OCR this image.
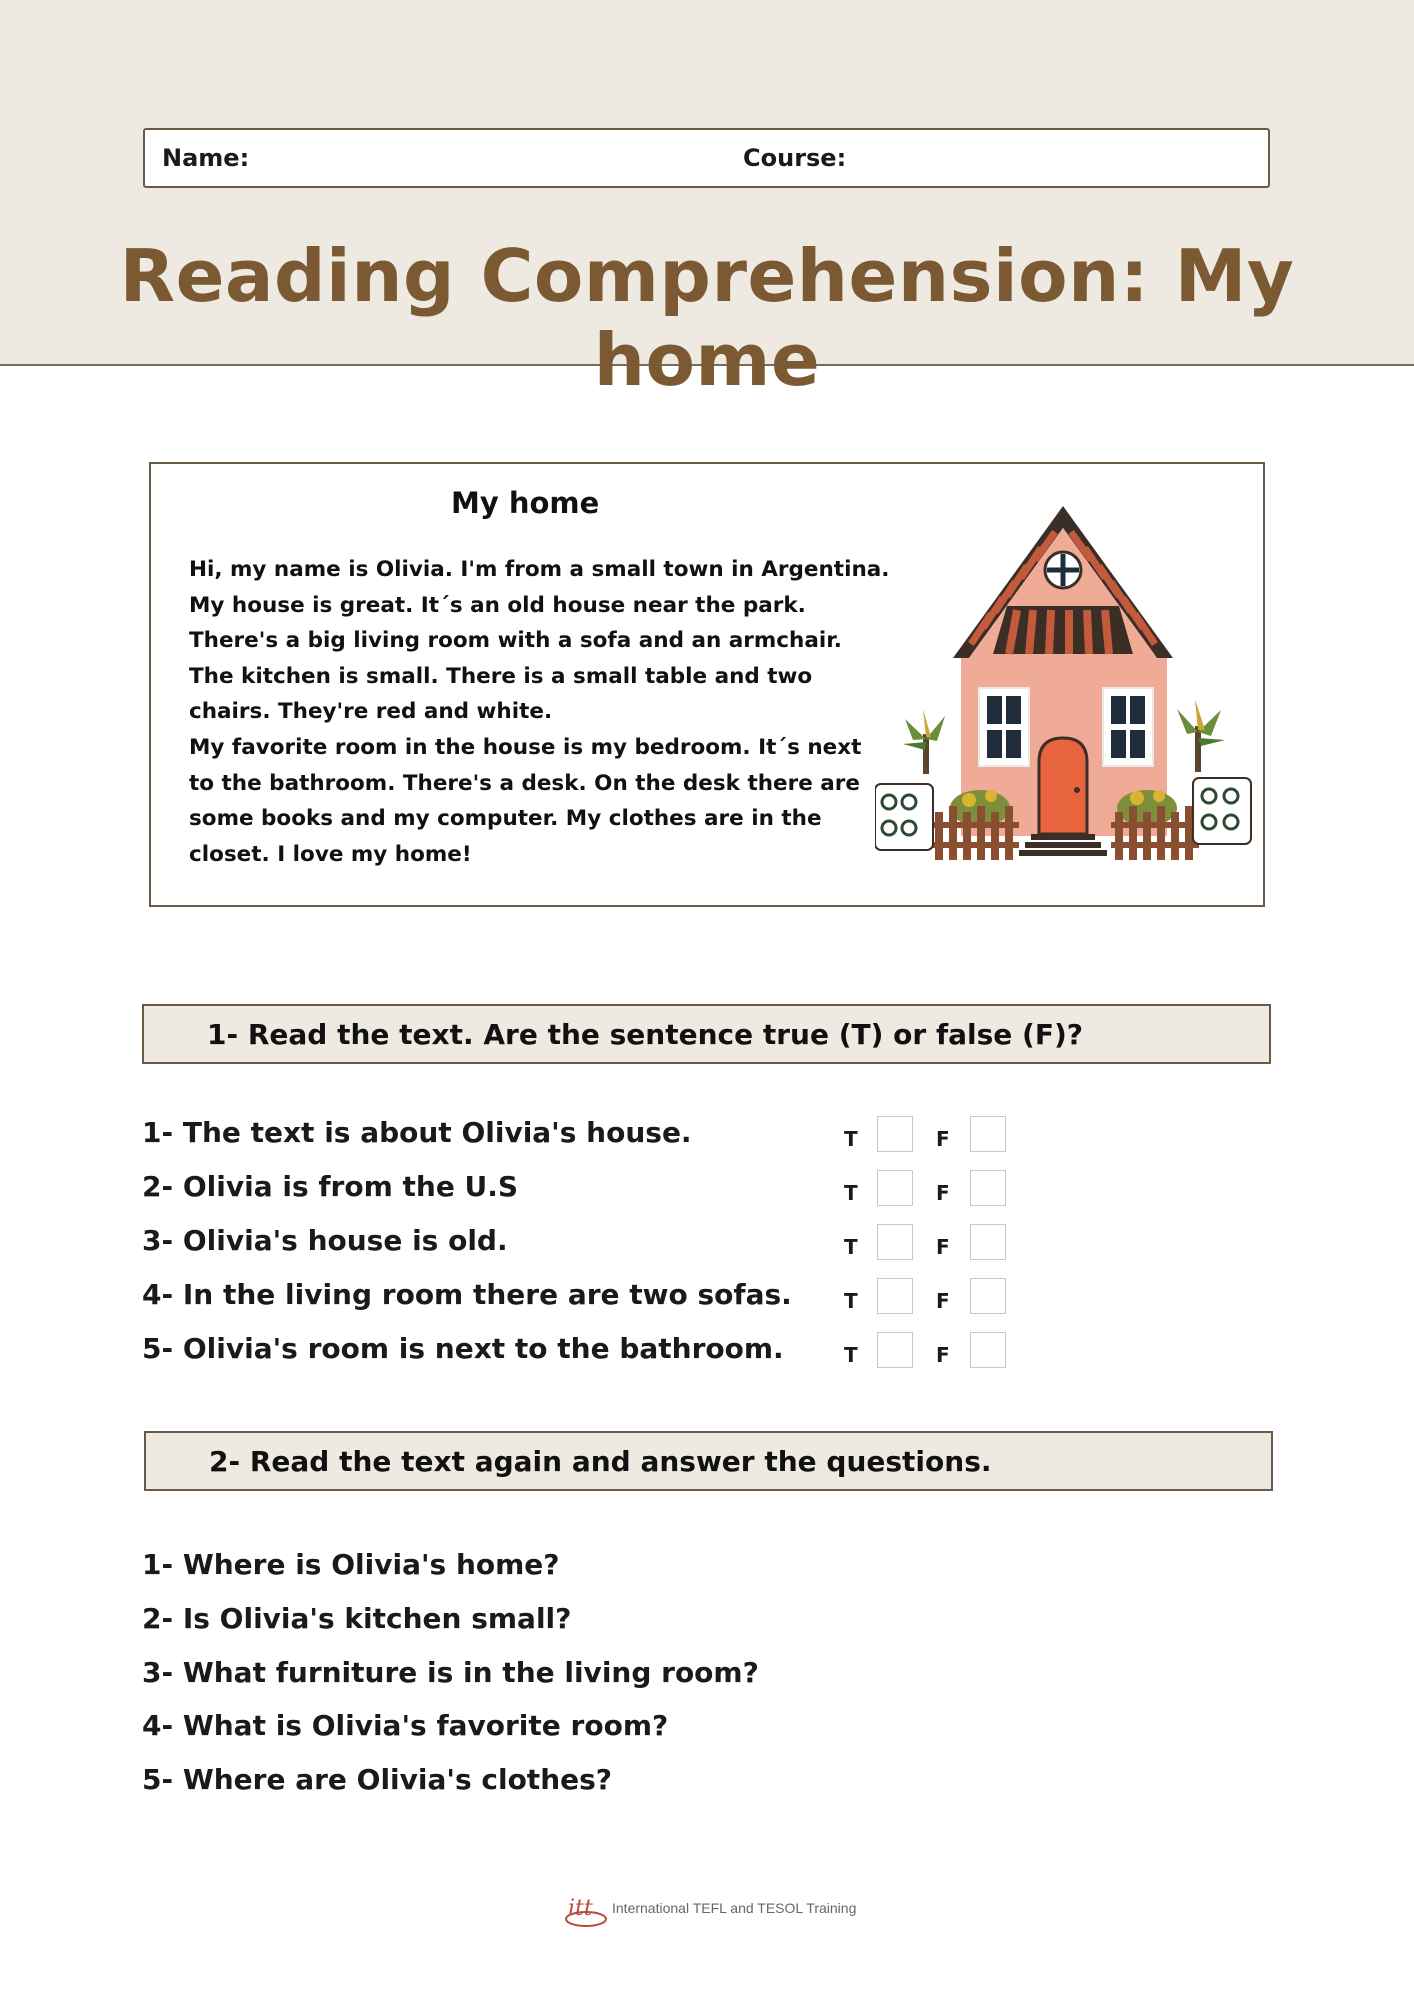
Name:	Course:
Reading Comprehension: My home
My home
Hi, my name is Olivia. I'm from a small town in Argentina.
My house is great. It´s an old house near the park.
There's a big living room with a sofa and an armchair.
The kitchen is small. There is a small table and two
chairs. They're red and white.
My favorite room in the house is my bedroom. It´s next
to the bathroom. There's a desk. On the desk there are
some books and my computer. My clothes are in the
closet. I love my home!
1- Read the text. Are the sentence true (T) or false (F)?
1- The text is about Olivia's house.	T	F
2- Olivia is from the U.S	T	F
3- Olivia's house is old.	T	F
4- In the living room there are two sofas.	T	F
5- Olivia's room is next to the bathroom.	T	F
2- Read the text again and answer the questions.
1- Where is Olivia's home?
2- Is Olivia's kitchen small?
3- What furniture is in the living room?
4- What is Olivia's favorite room?
5- Where are Olivia's clothes?
itt International TEFL and TESOL Training
